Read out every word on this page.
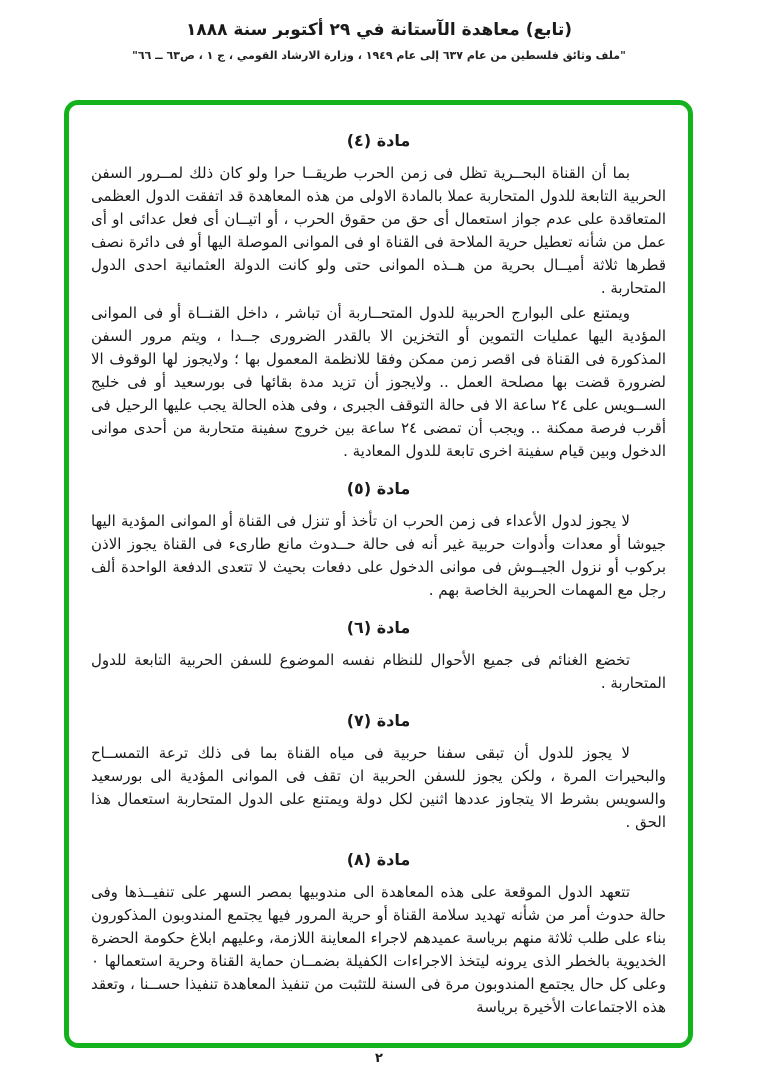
(تابع) معاهدة الآستانة في ٢٩ أكتوبر سنة ١٨٨٨
"ملف وثائق فلسطين من عام ٦٣٧ إلى عام ١٩٤٩ ، وزارة الارشاد القومي ، ج ١ ، ص٦٣ ــ ٦٦"
مادة (٤)

بما أن القناة البحــرية تظل فى زمن الحرب طريقــا حرا ولو كان ذلك لمــرور السفن الحربية التابعة للدول المتحاربة عملا بالمادة الاولى من هذه المعاهدة قد اتفقت الدول العظمى المتعاقدة على عدم جواز استعمال أى حق من حقوق الحرب ، أو اتيــان أى فعل عدائى او أى عمل من شأنه تعطيل حرية الملاحة فى القناة او فى الموانى الموصلة اليها أو فى دائرة نصف قطرها ثلاثة أميــال بحرية من هــذه الموانى حتى ولو كانت الدولة العثمانية احدى الدول المتحاربة .

ويمتنع على البوارج الحربية للدول المتحــاربة أن تباشر ، داخل القنــاة أو فى الموانى المؤدية اليها عمليات التموين أو التخزين الا بالقدر الضرورى جــدا ، ويتم مرور السفن المذكورة فى القناة فى اقصر زمن ممكن وفقا للانظمة المعمول بها ؛ ولايجوز لها الوقوف الا لضرورة قضت بها مصلحة العمل .. ولايجوز أن تزيد مدة بقائها فى بورسعيد أو فى خليج الســويس على ٢٤ ساعة الا فى حالة التوقف الجبرى ، وفى هذه الحالة يجب عليها الرحيل فى أقرب فرصة ممكنة .. ويجب أن تمضى ٢٤ ساعة بين خروج سفينة متحاربة من أحدى موانى الدخول وبين قيام سفينة اخرى تابعة للدول المعادية .

مادة (٥)

لا يجوز لدول الأعداء فى زمن الحرب ان تأخذ أو تنزل فى القناة أو الموانى المؤدية اليها جيوشا أو معدات وأدوات حربية غير أنه فى حالة حــدوث مانع طارىء فى القناة يجوز الاذن بركوب أو نزول الجيــوش فى موانى الدخول على دفعات بحيث لا تتعدى الدفعة الواحدة ألف رجل مع المهمات الحربية الخاصة بهم .

مادة (٦)

تخضع الغنائم فى جميع الأحوال للنظام نفسه الموضوع للسفن الحربية التابعة للدول المتحاربة .

مادة (٧)

لا يجوز للدول أن تبقى سفنا حربية فى مياه القناة بما فى ذلك ترعة التمســاح والبحيرات المرة ، ولكن يجوز للسفن الحربية ان تقف فى الموانى المؤدية الى بورسعيد والسويس بشرط الا يتجاوز عددها اثنين لكل دولة ويمتنع على الدول المتحاربة استعمال هذا الحق .

مادة (٨)

تتعهد الدول الموقعة على هذه المعاهدة الى مندوبيها بمصر السهر على تنفيــذها وفى حالة حدوث أمر من شأنه تهديد سلامة القناة أو حرية المرور فيها يجتمع المندوبون المذكورون بناء على طلب ثلاثة منهم برياسة عميدهم لاجراء المعاينة اللازمة، وعليهم ابلاغ حكومة الحضرة الخديوية بالخطر الذى يرونه ليتخذ الاجراءات الكفيلة بضمــان حماية القناة وحرية استعمالها ٠ وعلى كل حال يجتمع المندوبون مرة فى السنة للتثبت من تنفيذ المعاهدة تنفيذا حســنا ، وتعقد هذه الاجتماعات الأخيرة برياسة

٢
